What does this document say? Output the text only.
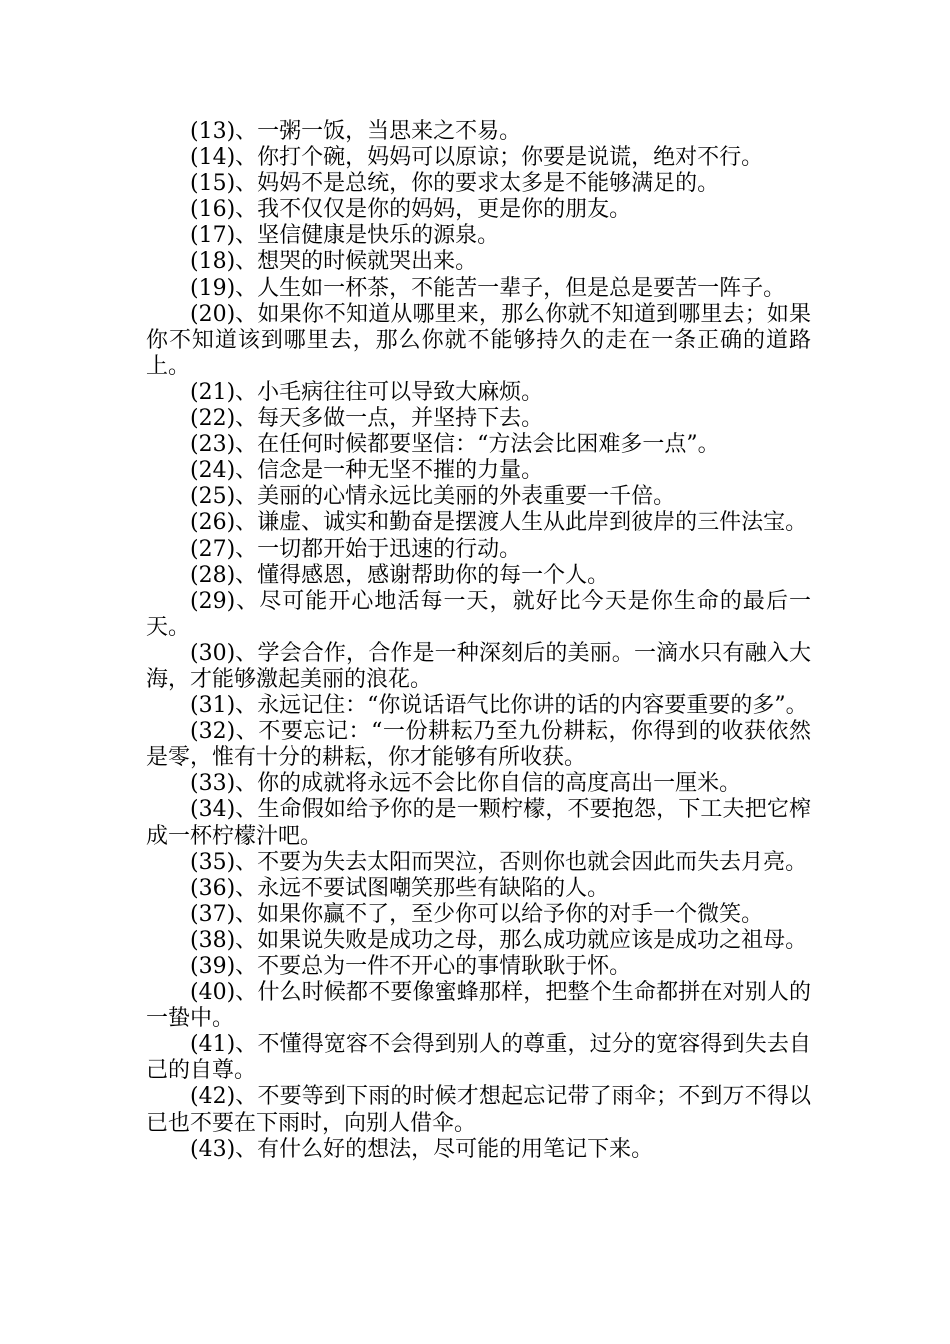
(13)、一粥一饭，当思来之不易。

(14)、你打个碗，妈妈可以原谅；你要是说谎，绝对不行。

(15)、妈妈不是总统，你的要求太多是不能够满足的。

(16)、我不仅仅是你的妈妈，更是你的朋友。

(17)、坚信健康是快乐的源泉。

(18)、想哭的时候就哭出来。

(19)、人生如一杯茶，不能苦一辈子，但是总是要苦一阵子。

(20)、如果你不知道从哪里来，那么你就不知道到哪里去；如果你不知道该到哪里去，那么你就不能够持久的走在一条正确的道路上。

(21)、小毛病往往可以导致大麻烦。

(22)、每天多做一点，并坚持下去。

(23)、在任何时候都要坚信：“方法会比困难多一点”。

(24)、信念是一种无坚不摧的力量。

(25)、美丽的心情永远比美丽的外表重要一千倍。

(26)、谦虚、诚实和勤奋是摆渡人生从此岸到彼岸的三件法宝。

(27)、一切都开始于迅速的行动。

(28)、懂得感恩，感谢帮助你的每一个人。

(29)、尽可能开心地活每一天，就好比今天是你生命的最后一天。

(30)、学会合作，合作是一种深刻后的美丽。一滴水只有融入大海，才能够激起美丽的浪花。

(31)、永远记住：“你说话语气比你讲的话的内容要重要的多”。

(32)、不要忘记：“一份耕耘乃至九份耕耘，你得到的收获依然是零，惟有十分的耕耘，你才能够有所收获。

(33)、你的成就将永远不会比你自信的高度高出一厘米。

(34)、生命假如给予你的是一颗柠檬，不要抱怨，下工夫把它榨成一杯柠檬汁吧。

(35)、不要为失去太阳而哭泣，否则你也就会因此而失去月亮。

(36)、永远不要试图嘲笑那些有缺陷的人。

(37)、如果你赢不了，至少你可以给予你的对手一个微笑。

(38)、如果说失败是成功之母，那么成功就应该是成功之祖母。

(39)、不要总为一件不开心的事情耿耿于怀。

(40)、什么时候都不要像蜜蜂那样，把整个生命都拼在对别人的一蛰中。

(41)、不懂得宽容不会得到别人的尊重，过分的宽容得到失去自己的自尊。

(42)、不要等到下雨的时候才想起忘记带了雨伞；不到万不得以已也不要在下雨时，向别人借伞。

(43)、有什么好的想法，尽可能的用笔记下来。
